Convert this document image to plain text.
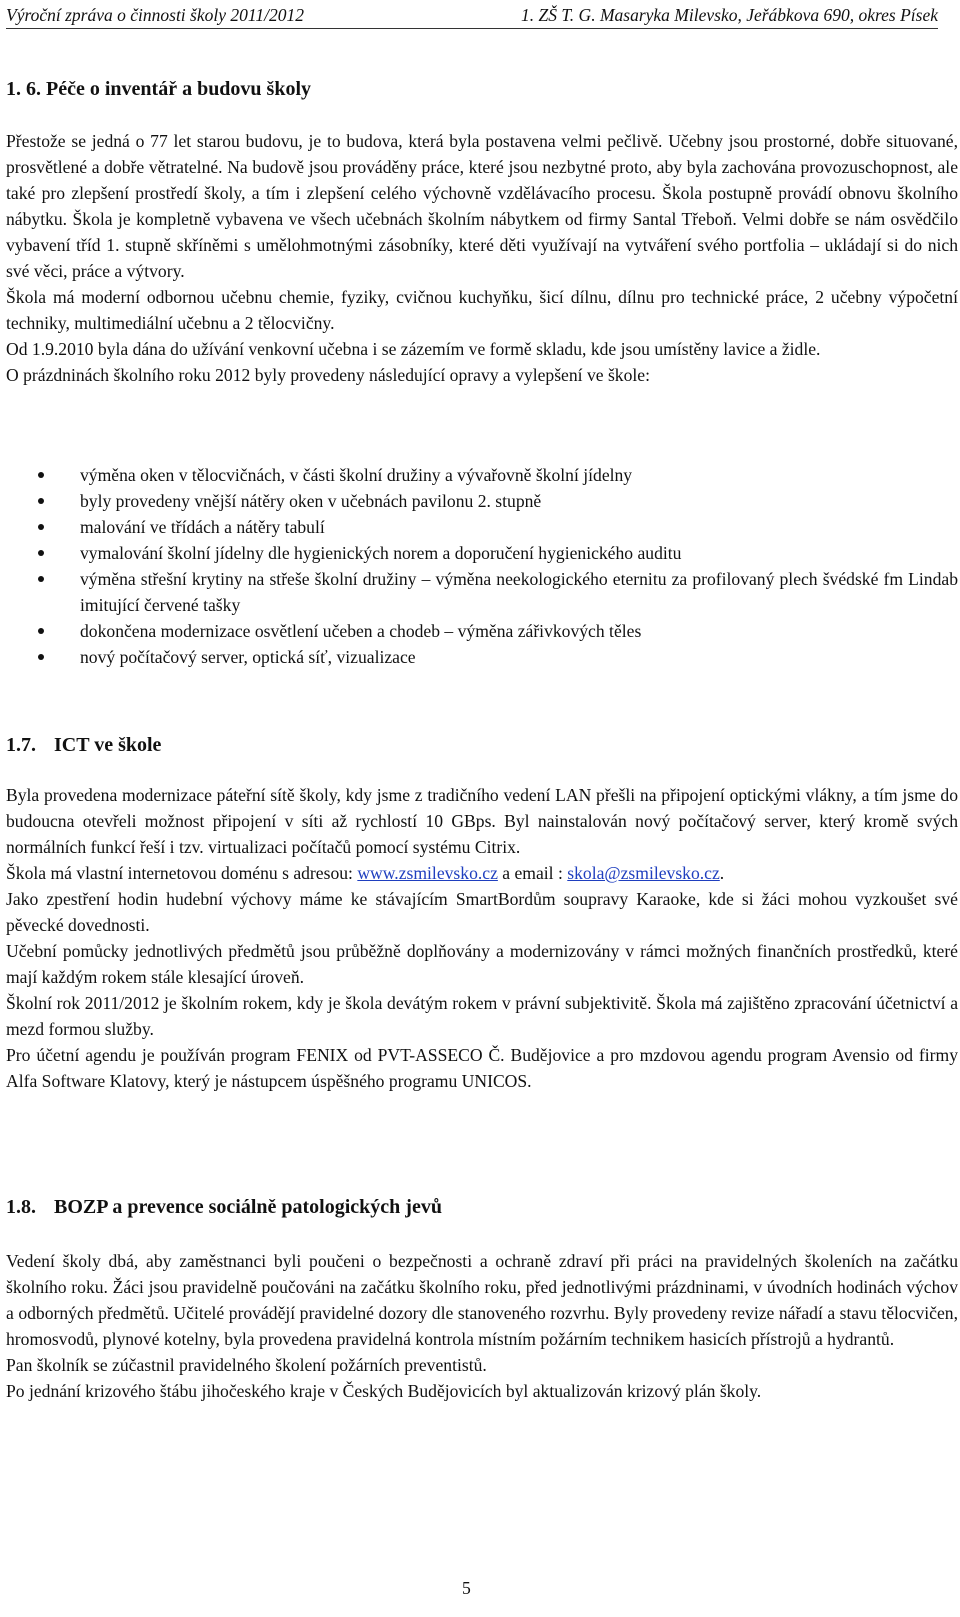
Výroční zpráva o činnosti školy 2011/2012	1. ZŠ T. G. Masaryka Milevsko, Jeřábkova 690, okres Písek
1. 6. Péče o inventář a budovu školy

Přestože se jedná o 77 let starou budovu, je to budova, která byla postavena velmi pečlivě. Učebny jsou prostorné, dobře situované, prosvětlené a dobře větratelné. Na budově jsou prováděny práce, které jsou nezbytné proto, aby byla zachována provozuschopnost, ale také pro zlepšení prostředí školy, a tím i zlepšení celého výchovně vzdělávacího procesu. Škola postupně provádí obnovu školního nábytku. Škola je kompletně vybavena ve všech učebnách školním nábytkem od firmy Santal Třeboň. Velmi dobře se nám osvědčilo vybavení tříd 1. stupně skříněmi s umělohmotnými zásobníky, které děti využívají na vytváření svého portfolia – ukládají si do nich své věci, práce a výtvory.

Škola má moderní odbornou učebnu chemie, fyziky, cvičnou kuchyňku, šicí dílnu, dílnu pro technické práce, 2 učebny výpočetní techniky, multimediální učebnu a 2 tělocvičny.

Od 1.9.2010 byla dána do užívání venkovní učebna i se zázemím ve formě skladu, kde jsou umístěny lavice a židle.

O prázdninách školního roku 2012 byly provedeny následující opravy a vylepšení ve škole:

výměna oken v tělocvičnách, v části školní družiny a vývařovně školní jídelny
byly provedeny vnější nátěry oken v učebnách pavilonu 2. stupně
malování ve třídách a nátěry tabulí
vymalování školní jídelny dle hygienických norem a doporučení hygienického auditu
výměna střešní krytiny na střeše školní družiny – výměna neekologického eternitu za profilovaný plech švédské fm Lindab imitující červené tašky
dokončena modernizace osvětlení učeben a chodeb – výměna zářivkových těles
nový počítačový server, optická síť, vizualizace
1.7. ICT ve škole

Byla provedena modernizace páteřní sítě školy, kdy jsme z tradičního vedení LAN přešli na připojení optickými vlákny, a tím jsme do budoucna otevřeli možnost připojení v síti až rychlostí 10 GBps. Byl nainstalován nový počítačový server, který kromě svých normálních funkcí řeší i tzv. virtualizaci počítačů pomocí systému Citrix.

Škola má vlastní internetovou doménu s adresou: www.zsmilevsko.cz a email : skola@zsmilevsko.cz.

Jako zpestření hodin hudební výchovy máme ke stávajícím SmartBordům soupravy Karaoke, kde si žáci mohou vyzkoušet své pěvecké dovednosti.

Učební pomůcky jednotlivých předmětů jsou průběžně doplňovány a modernizovány v rámci možných finančních prostředků, které mají každým rokem stále klesající úroveň.

Školní rok 2011/2012 je školním rokem, kdy je škola devátým rokem v právní subjektivitě. Škola má zajištěno zpracování účetnictví a mezd formou služby.

Pro účetní agendu je používán program FENIX od PVT-ASSECO Č. Budějovice a pro mzdovou agendu program Avensio od firmy Alfa Software Klatovy, který je nástupcem úspěšného programu UNICOS.

1.8. BOZP a prevence sociálně patologických jevů

Vedení školy dbá, aby zaměstnanci byli poučeni o bezpečnosti a ochraně zdraví při práci na pravidelných školeních na začátku školního roku. Žáci jsou pravidelně poučováni na začátku školního roku, před jednotlivými prázdninami, v úvodních hodinách výchov a odborných předmětů. Učitelé provádějí pravidelné dozory dle stanoveného rozvrhu. Byly provedeny revize nářadí a stavu tělocvičen, hromosvodů, plynové kotelny, byla provedena pravidelná kontrola místním požárním technikem hasicích přístrojů a hydrantů.

Pan školník se zúčastnil pravidelného školení požárních preventistů.

Po jednání krizového štábu jihočeského kraje v Českých Budějovicích byl aktualizován krizový plán školy.

5
